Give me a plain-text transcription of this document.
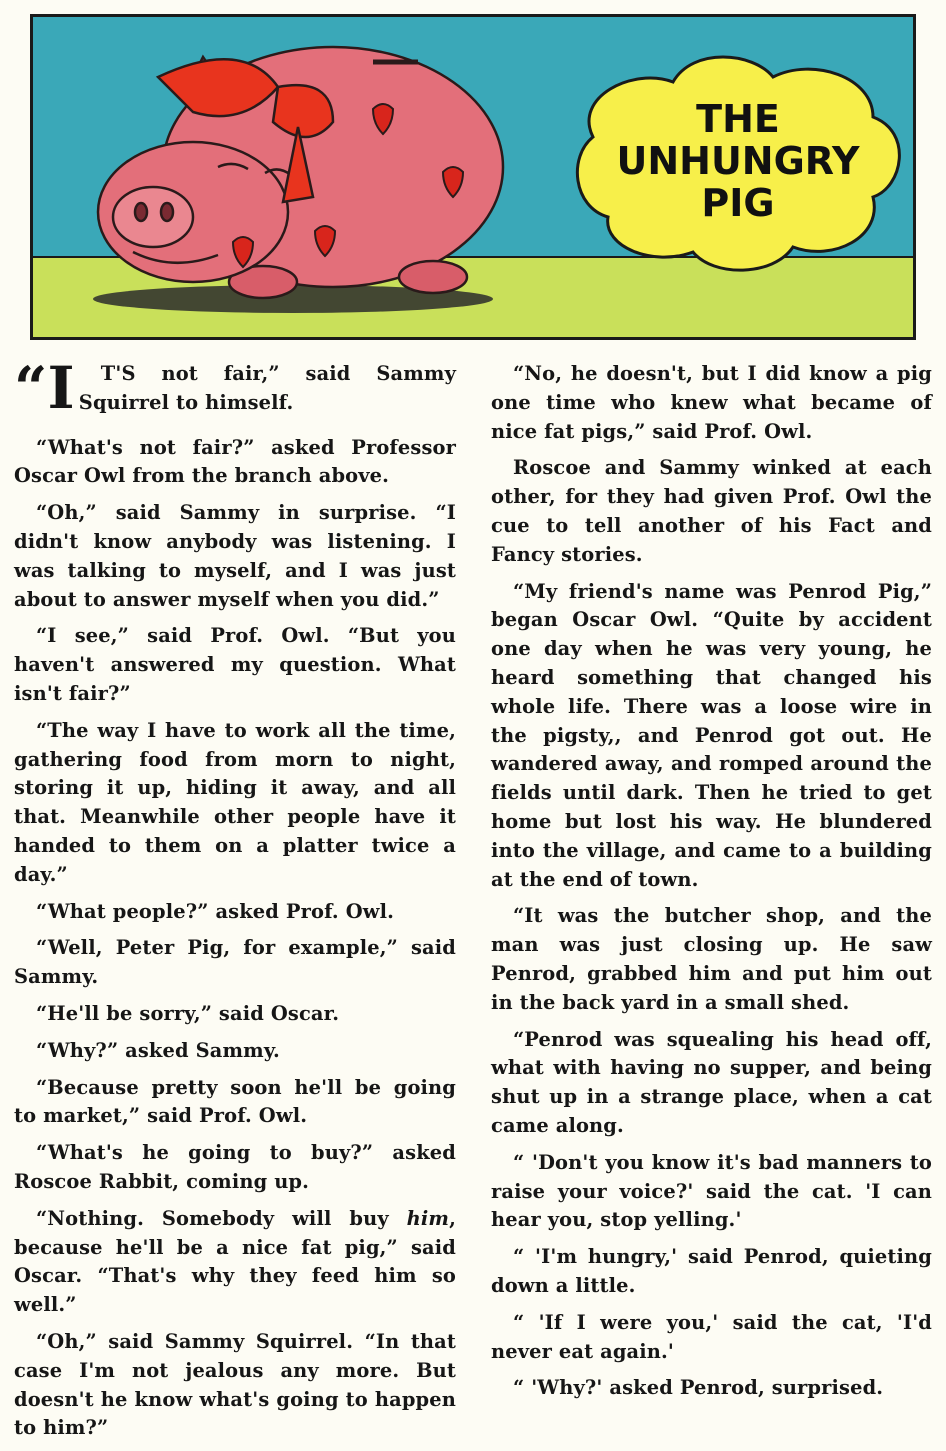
THE
UNHUNGRY
PIG
“I	T'S not fair,” said Sammy Squirrel to himself.

“What's not fair?” asked Professor Oscar Owl from the branch above.

“Oh,” said Sammy in surprise. “I didn't know anybody was listening. I was talking to myself, and I was just about to answer myself when you did.”

“I see,” said Prof. Owl. “But you haven't answered my question. What isn't fair?”

“The way I have to work all the time, gathering food from morn to night, storing it up, hiding it away, and all that. Meanwhile other people have it handed to them on a platter twice a day.”

“What people?” asked Prof. Owl.

“Well, Peter Pig, for example,” said Sammy.

“He'll be sorry,” said Oscar.

“Why?” asked Sammy.

“Because pretty soon he'll be going to market,” said Prof. Owl.

“What's he going to buy?” asked Roscoe Rabbit, coming up.

“Nothing. Somebody will buy him, because he'll be a nice fat pig,” said Oscar. “That's why they feed him so well.”

“Oh,” said Sammy Squirrel. “In that case I'm not jealous any more. But doesn't he know what's going to happen to him?”

“No, he doesn't, but I did know a pig one time who knew what became of nice fat pigs,” said Prof. Owl.

Roscoe and Sammy winked at each other, for they had given Prof. Owl the cue to tell another of his Fact and Fancy stories.

“My friend's name was Penrod Pig,” began Oscar Owl. “Quite by accident one day when he was very young, he heard something that changed his whole life. There was a loose wire in the pigsty,, and Penrod got out. He wandered away, and romped around the fields until dark. Then he tried to get home but lost his way. He blundered into the village, and came to a building at the end of town.

“It was the butcher shop, and the man was just closing up. He saw Penrod, grabbed him and put him out in the back yard in a small shed.

“Penrod was squealing his head off, what with having no supper, and being shut up in a strange place, when a cat came along.

“ 'Don't you know it's bad manners to raise your voice?' said the cat. 'I can hear you, stop yelling.'

“ 'I'm hungry,' said Penrod, quieting down a little.

“ 'If I were you,' said the cat, 'I'd never eat again.'

“ 'Why?' asked Penrod, surprised.
